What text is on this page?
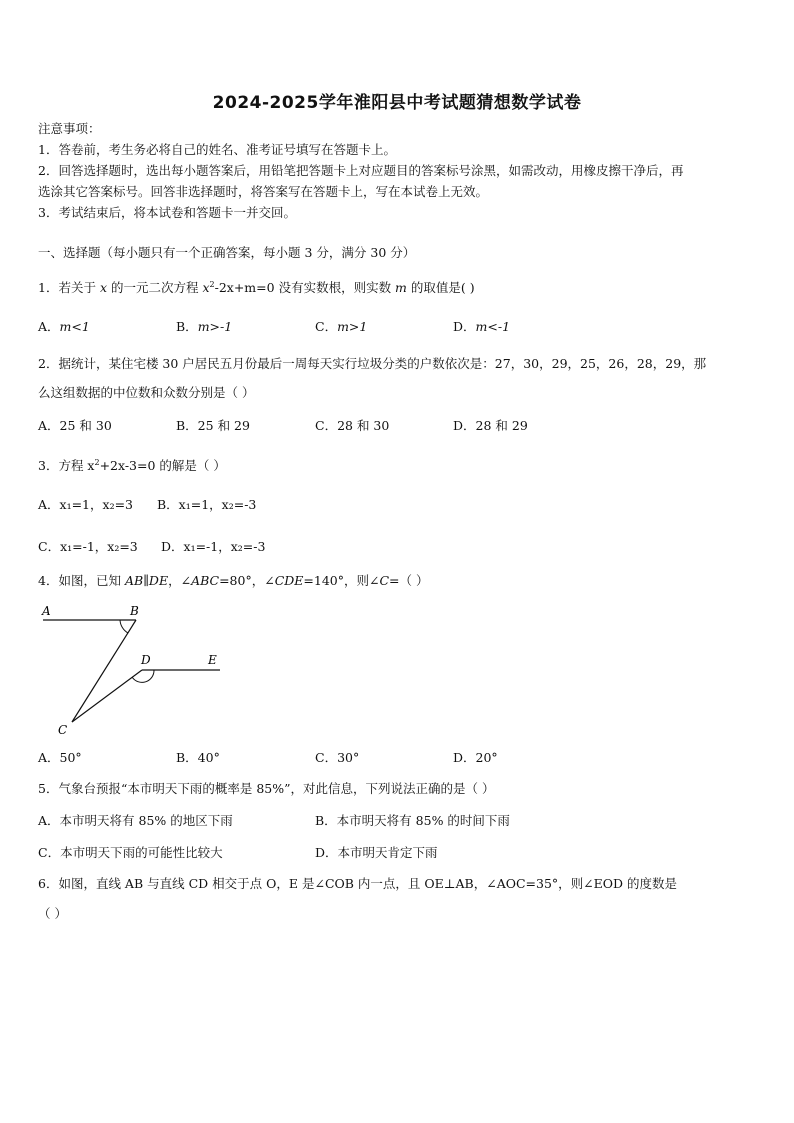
2024-2025学年淮阳县中考试题猜想数学试卷
注意事项：
1．答卷前，考生务必将自己的姓名、准考证号填写在答题卡上。
2．回答选择题时，选出每小题答案后，用铅笔把答题卡上对应题目的答案标号涂黑，如需改动，用橡皮擦干净后，再
选涂其它答案标号。回答非选择题时，将答案写在答题卡上，写在本试卷上无效。
3．考试结束后，将本试卷和答题卡一并交回。
一、选择题（每小题只有一个正确答案，每小题 3 分，满分 30 分）
1．若关于 x 的一元二次方程 $x^2-2x+m=0$ 没有实数根，则实数 m 的取值是( )
A．m<1	B．m>-1	C．m>1	D．m<-1
2．据统计，某住宅楼 30 户居民五月份最后一周每天实行垃圾分类的户数依次是：27，30，29，25，26，28，29，那
么这组数据的中位数和众数分别是（ ）
A．25 和 30	B．25 和 29	C．28 和 30	D．28 和 29
3．方程 $x^2+2x-3=0$ 的解是（ ）
A．x₁=1，x₂=3 B．x₁=1，x₂=-3
C．x₁=-1，x₂=3 D．x₁=-1，x₂=-3
4．如图，已知 AB∥DE，∠ABC=80°，∠CDE=140°，则∠C=（ ）
A	B
D	E
C
A．50°	B．40°	C．30°	D．20°
5．气象台预报“本市明天下雨的概率是 85%”，对此信息，下列说法正确的是（ ）
A．本市明天将有 85% 的地区下雨	B．本市明天将有 85% 的时间下雨
C．本市明天下雨的可能性比较大	D．本市明天肯定下雨
6．如图，直线 AB 与直线 CD 相交于点 O，E 是∠COB 内一点，且 OE⊥AB，∠AOC=35°，则∠EOD 的度数是
（ ）
